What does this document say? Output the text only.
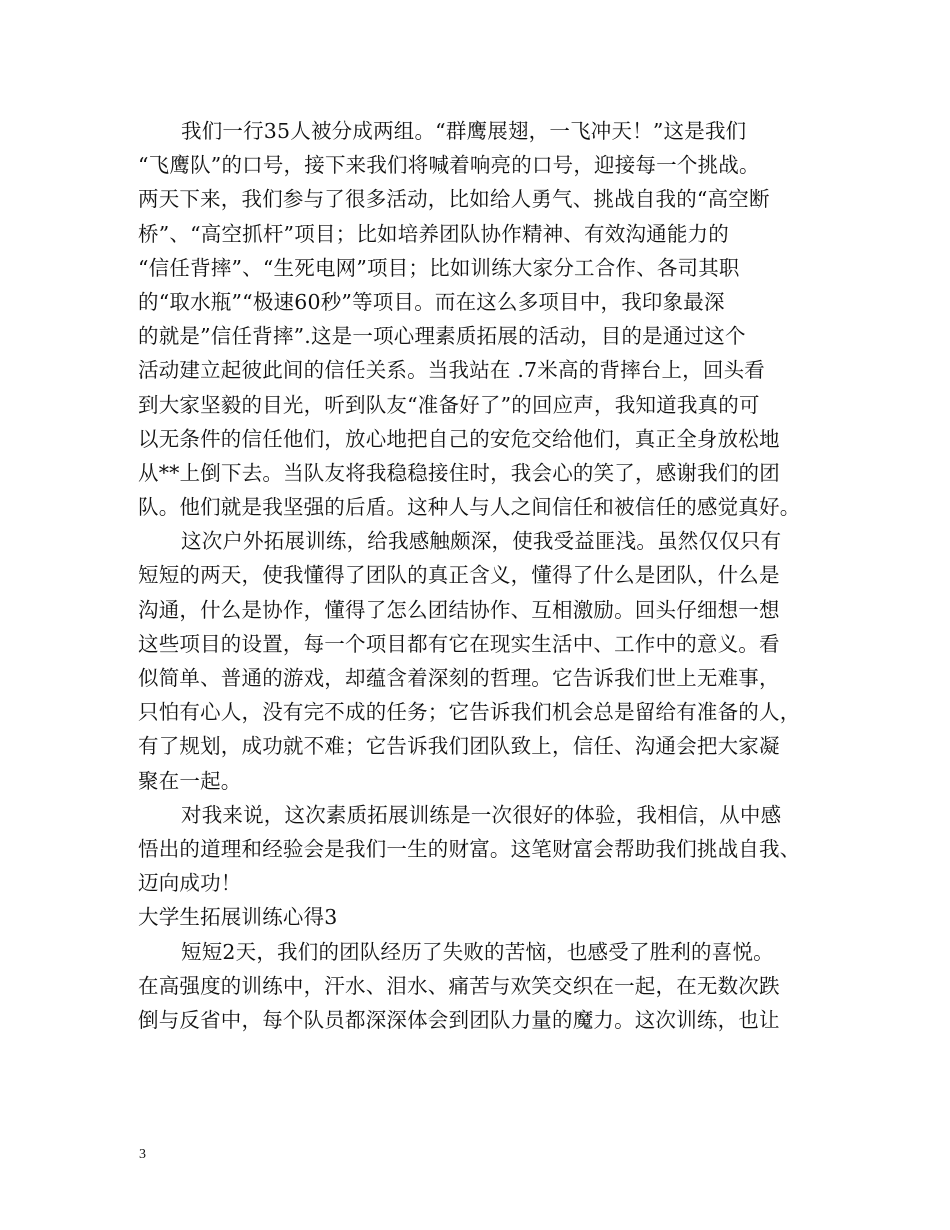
我们一行35人被分成两组。“群鹰展翅，一飞冲天！”这是我们
“飞鹰队”的口号，接下来我们将喊着响亮的口号，迎接每一个挑战。
两天下来，我们参与了很多活动，比如给人勇气、挑战自我的“高空断
桥”、“高空抓杆”项目；比如培养团队协作精神、有效沟通能力的
“信任背摔”、“生死电网”项目；比如训练大家分工合作、各司其职
的“取水瓶”“极速60秒”等项目。而在这么多项目中，我印象最深
的就是”信任背摔”.这是一项心理素质拓展的活动，目的是通过这个
活动建立起彼此间的信任关系。当我站在 .7米高的背摔台上，回头看
到大家坚毅的目光，听到队友“准备好了”的回应声，我知道我真的可
以无条件的信任他们，放心地把自己的安危交给他们，真正全身放松地
从**上倒下去。当队友将我稳稳接住时，我会心的笑了，感谢我们的团
队。他们就是我坚强的后盾。这种人与人之间信任和被信任的感觉真好。
这次户外拓展训练，给我感触颇深，使我受益匪浅。虽然仅仅只有
短短的两天，使我懂得了团队的真正含义，懂得了什么是团队，什么是
沟通，什么是协作，懂得了怎么团结协作、互相激励。回头仔细想一想
这些项目的设置，每一个项目都有它在现实生活中、工作中的意义。看
似简单、普通的游戏，却蕴含着深刻的哲理。它告诉我们世上无难事，
只怕有心人，没有完不成的任务；它告诉我们机会总是留给有准备的人，
有了规划，成功就不难；它告诉我们团队致上，信任、沟通会把大家凝
聚在一起。
对我来说，这次素质拓展训练是一次很好的体验，我相信，从中感
悟出的道理和经验会是我们一生的财富。这笔财富会帮助我们挑战自我、
迈向成功！
大学生拓展训练心得3
短短2天，我们的团队经历了失败的苦恼，也感受了胜利的喜悦。
在高强度的训练中，汗水、泪水、痛苦与欢笑交织在一起，在无数次跌
倒与反省中，每个队员都深深体会到团队力量的魔力。这次训练，也让
3
